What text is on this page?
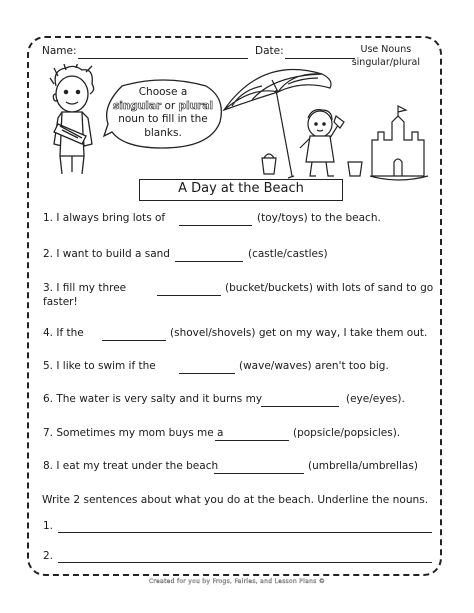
Name:	Date:	Use Nouns
singular/plural
Choose a
singular or plural
noun to fill in the
blanks.
A Day at the Beach
1. I always bring lots of	(toy/toys) to the beach.
2. I want to build a sand	(castle/castles)
3. I fill my three	(bucket/buckets) with lots of sand to go
faster!
4. If the	(shovel/shovels) get on my way, I take them out.
5. I like to swim if the	(wave/waves) aren't too big.
6. The water is very salty and it burns my	(eye/eyes).
7. Sometimes my mom buys me a	(popsicle/popsicles).
8. I eat my treat under the beach	(umbrella/umbrellas)
Write 2 sentences about what you do at the beach. Underline the nouns.
1.
2.
Created for you by Frogs, Fairies, and Lesson Plans ©
